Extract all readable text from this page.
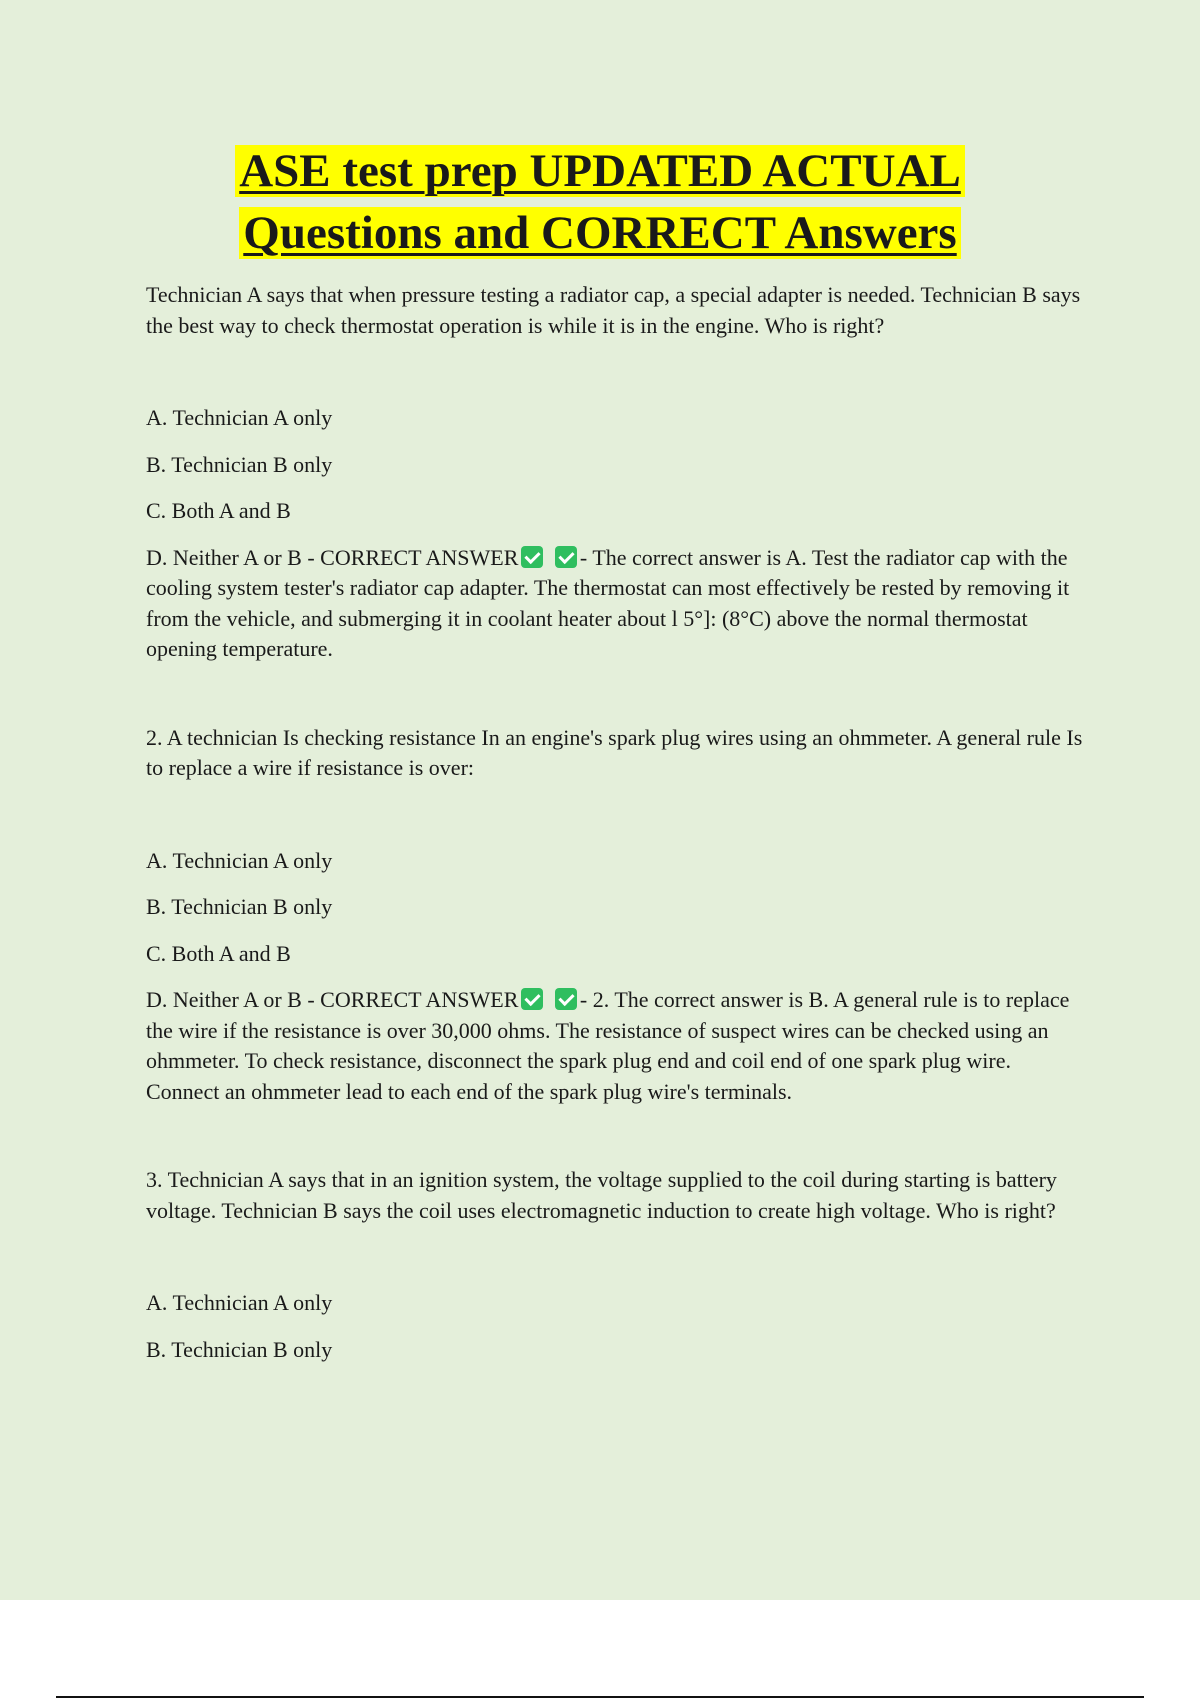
ASE test prep UPDATED ACTUAL
Questions and CORRECT Answers

Technician A says that when pressure testing a radiator cap, a special adapter is needed. Technician B says the best way to check thermostat operation is while it is in the engine. Who is right?

A. Technician A only

B. Technician B only

C. Both A and B

D. Neither A or B - CORRECT ANSWER	- The correct answer is A. Test the radiator cap with the cooling system tester's radiator cap adapter. The thermostat can most effectively be rested by removing it from the vehicle, and submerging it in coolant heater about l 5°]: (8°C) above the normal thermostat opening temperature.

2. A technician Is checking resistance In an engine's spark plug wires using an ohmmeter. A general rule Is to replace a wire if resistance is over:

A. Technician A only

B. Technician B only

C. Both A and B

D. Neither A or B - CORRECT ANSWER	- 2. The correct answer is B. A general rule is to replace the wire if the resistance is over 30,000 ohms. The resistance of suspect wires can be checked using an ohmmeter. To check resistance, disconnect the spark plug end and coil end of one spark plug wire. Connect an ohmmeter lead to each end of the spark plug wire's terminals.

3. Technician A says that in an ignition system, the voltage supplied to the coil during starting is battery voltage. Technician B says the coil uses electromagnetic induction to create high voltage. Who is right?

A. Technician A only

B. Technician B only
